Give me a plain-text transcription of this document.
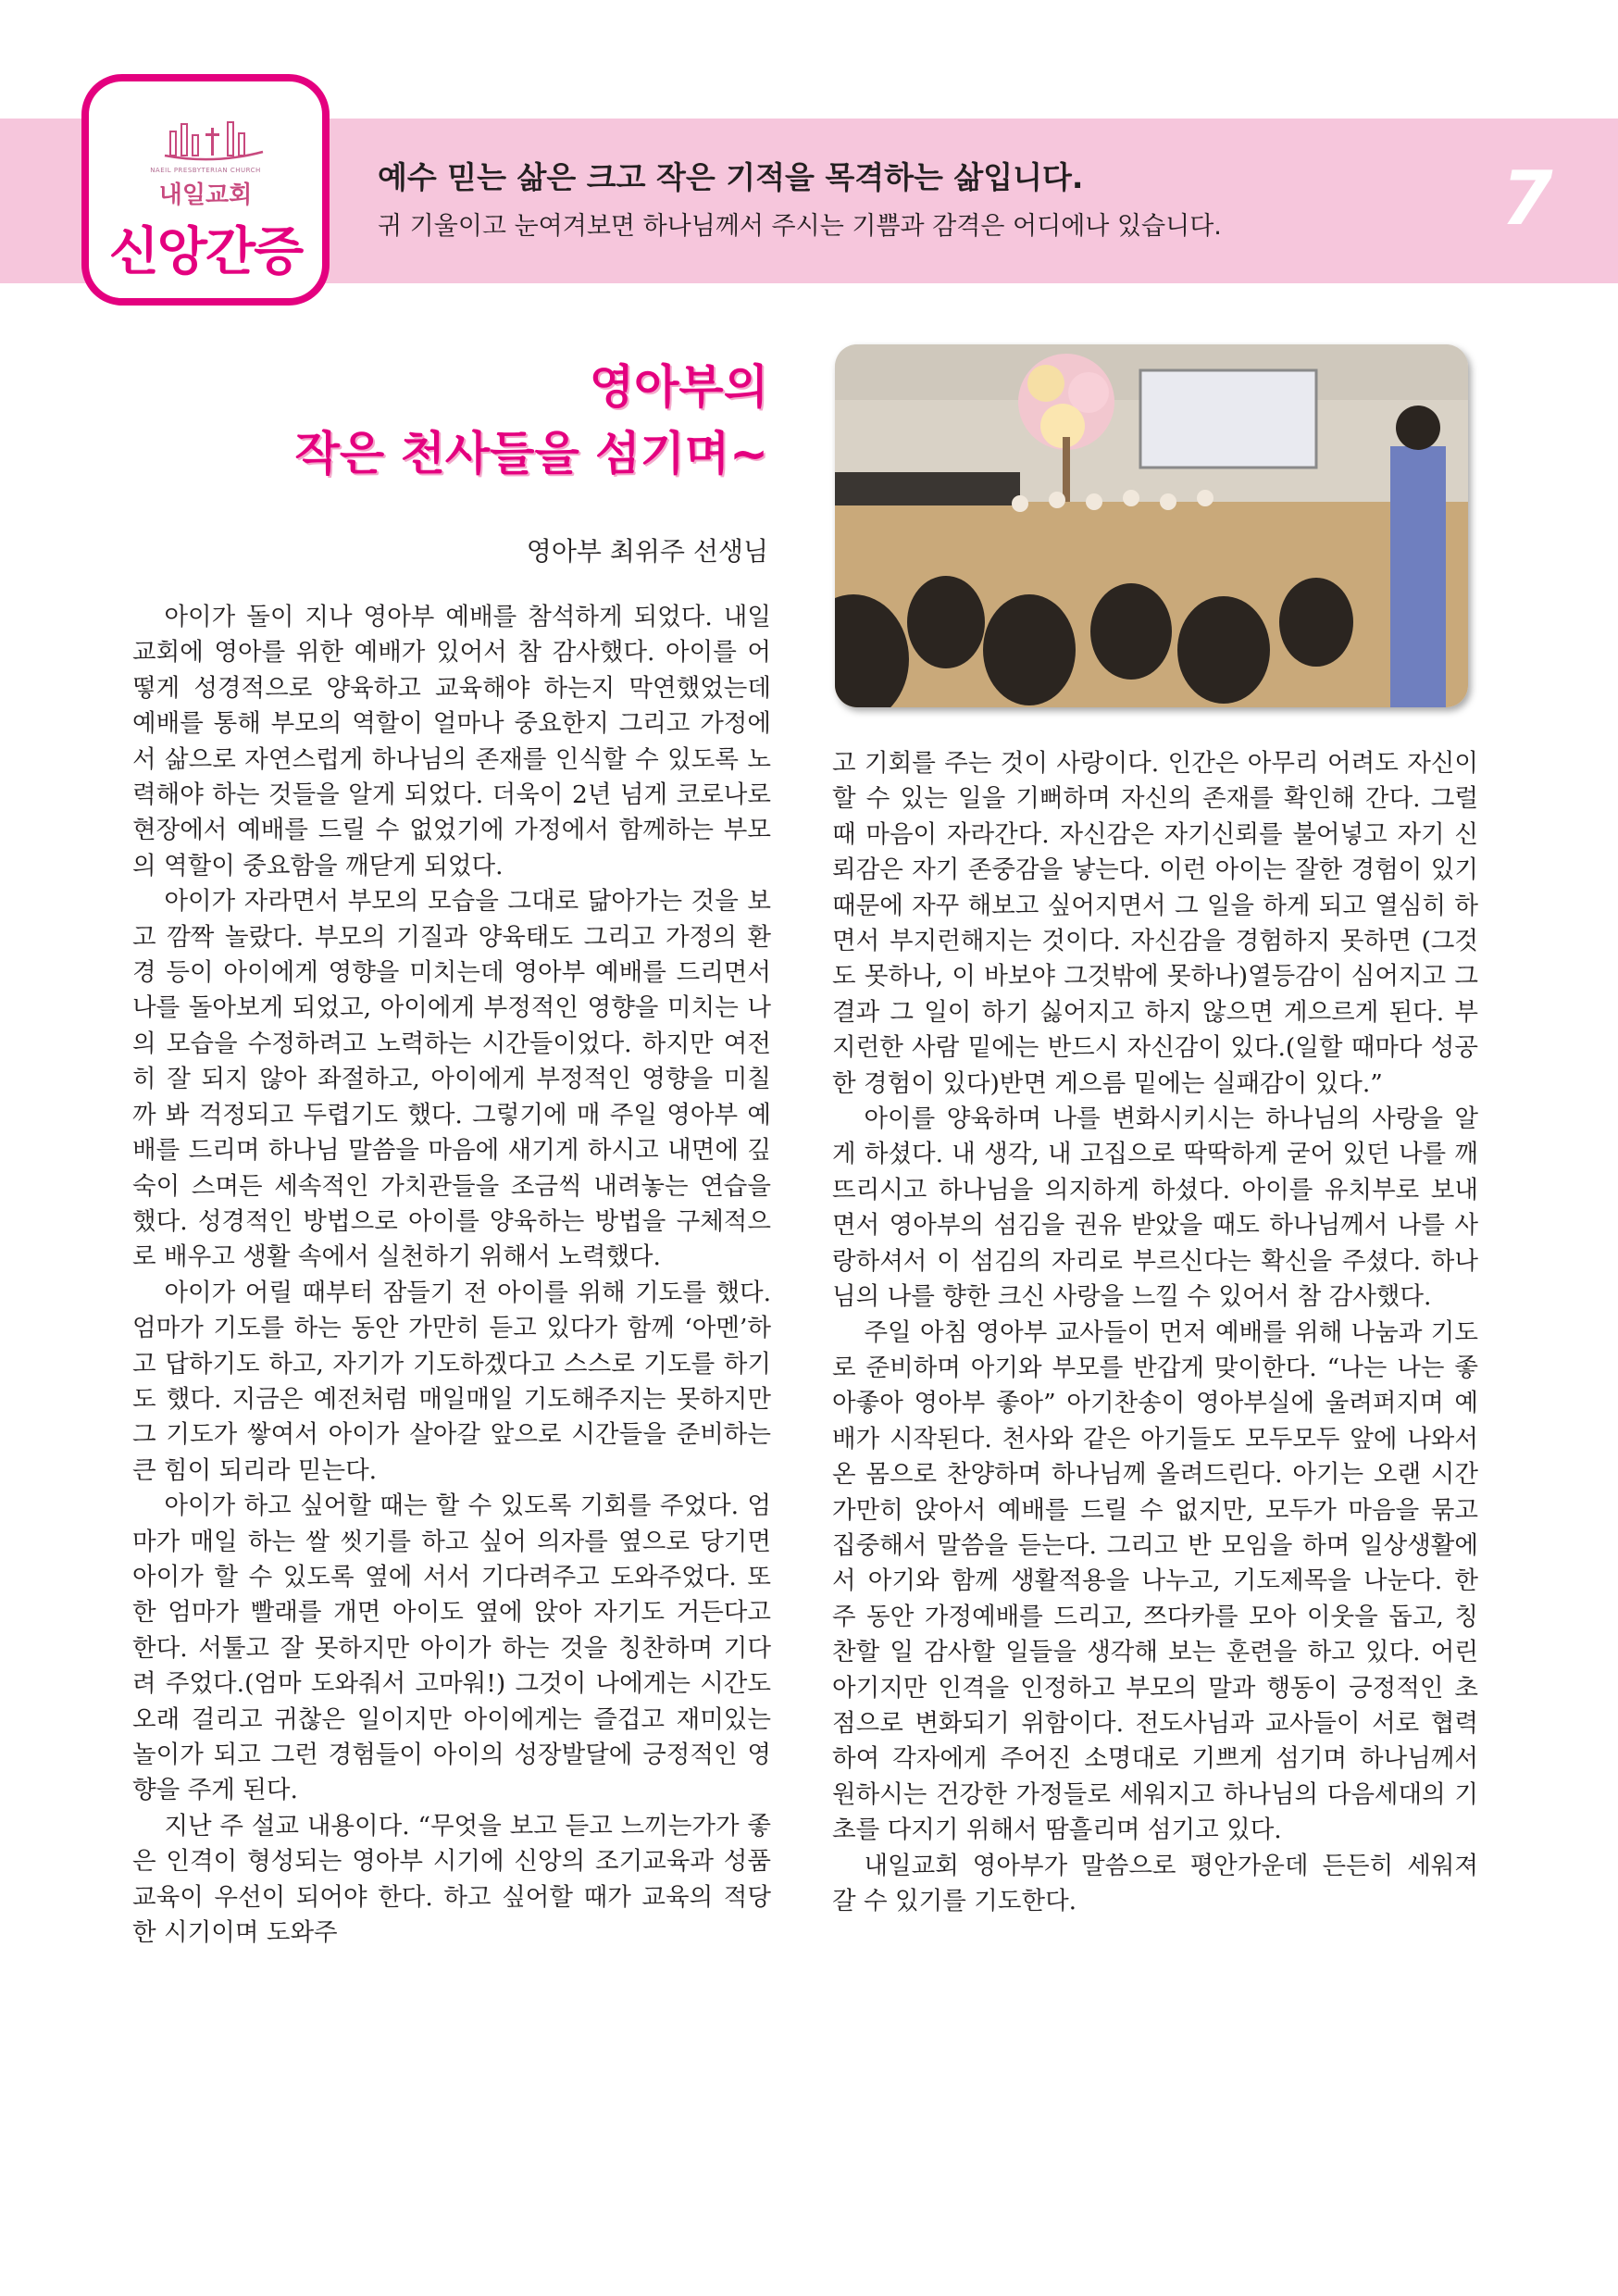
NAEIL PRESBYTERIAN CHURCH
내일교회
신앙간증
예수 믿는 삶은 크고 작은 기적을 목격하는 삶입니다.
귀 기울이고 눈여겨보면 하나님께서 주시는 기쁨과 감격은 어디에나 있습니다.	7
영아부의
작은 천사들을 섬기며~
영아부 최위주 선생님

아이가 돌이 지나 영아부 예배를 참석하게 되었다. 내일교회에 영아를 위한 예배가 있어서 참 감사했다. 아이를 어떻게 성경적으로 양육하고 교육해야 하는지 막연했었는데 예배를 통해 부모의 역할이 얼마나 중요한지 그리고 가정에서 삶으로 자연스럽게 하나님의 존재를 인식할 수 있도록 노력해야 하는 것들을 알게 되었다. 더욱이 2년 넘게 코로나로 현장에서 예배를 드릴 수 없었기에 가정에서 함께하는 부모의 역할이 중요함을 깨닫게 되었다.

아이가 자라면서 부모의 모습을 그대로 닮아가는 것을 보고 깜짝 놀랐다. 부모의 기질과 양육태도 그리고 가정의 환경 등이 아이에게 영향을 미치는데 영아부 예배를 드리면서 나를 돌아보게 되었고, 아이에게 부정적인 영향을 미치는 나의 모습을 수정하려고 노력하는 시간들이었다. 하지만 여전히 잘 되지 않아 좌절하고, 아이에게 부정적인 영향을 미칠까 봐 걱정되고 두렵기도 했다. 그렇기에 매 주일 영아부 예배를 드리며 하나님 말씀을 마음에 새기게 하시고 내면에 깊숙이 스며든 세속적인 가치관들을 조금씩 내려놓는 연습을 했다. 성경적인 방법으로 아이를 양육하는 방법을 구체적으로 배우고 생활 속에서 실천하기 위해서 노력했다.

아이가 어릴 때부터 잠들기 전 아이를 위해 기도를 했다. 엄마가 기도를 하는 동안 가만히 듣고 있다가 함께 ‘아멘’하고 답하기도 하고, 자기가 기도하겠다고 스스로 기도를 하기도 했다. 지금은 예전처럼 매일매일 기도해주지는 못하지만 그 기도가 쌓여서 아이가 살아갈 앞으로 시간들을 준비하는 큰 힘이 되리라 믿는다.

아이가 하고 싶어할 때는 할 수 있도록 기회를 주었다. 엄마가 매일 하는 쌀 씻기를 하고 싶어 의자를 옆으로 당기면 아이가 할 수 있도록 옆에 서서 기다려주고 도와주었다. 또한 엄마가 빨래를 개면 아이도 옆에 앉아 자기도 거든다고 한다. 서툴고 잘 못하지만 아이가 하는 것을 칭찬하며 기다려 주었다.(엄마 도와줘서 고마워!) 그것이 나에게는 시간도 오래 걸리고 귀찮은 일이지만 아이에게는 즐겁고 재미있는 놀이가 되고 그런 경험들이 아이의 성장발달에 긍정적인 영향을 주게 된다.

지난 주 설교 내용이다. “무엇을 보고 듣고 느끼는가가 좋은 인격이 형성되는 영아부 시기에 신앙의 조기교육과 성품교육이 우선이 되어야 한다. 하고 싶어할 때가 교육의 적당한 시기이며 도와주

고 기회를 주는 것이 사랑이다. 인간은 아무리 어려도 자신이 할 수 있는 일을 기뻐하며 자신의 존재를 확인해 간다. 그럴 때 마음이 자라간다. 자신감은 자기신뢰를 불어넣고 자기 신뢰감은 자기 존중감을 낳는다. 이런 아이는 잘한 경험이 있기 때문에 자꾸 해보고 싶어지면서 그 일을 하게 되고 열심히 하면서 부지런해지는 것이다. 자신감을 경험하지 못하면 (그것도 못하나, 이 바보야 그것밖에 못하나)열등감이 심어지고 그 결과 그 일이 하기 싫어지고 하지 않으면 게으르게 된다. 부지런한 사람 밑에는 반드시 자신감이 있다.(일할 때마다 성공한 경험이 있다)반면 게으름 밑에는 실패감이 있다.”

아이를 양육하며 나를 변화시키시는 하나님의 사랑을 알게 하셨다. 내 생각, 내 고집으로 딱딱하게 굳어 있던 나를 깨뜨리시고 하나님을 의지하게 하셨다. 아이를 유치부로 보내면서 영아부의 섬김을 권유 받았을 때도 하나님께서 나를 사랑하셔서 이 섬김의 자리로 부르신다는 확신을 주셨다. 하나님의 나를 향한 크신 사랑을 느낄 수 있어서 참 감사했다.

주일 아침 영아부 교사들이 먼저 예배를 위해 나눔과 기도로 준비하며 아기와 부모를 반갑게 맞이한다. “나는 나는 좋아좋아 영아부 좋아” 아기찬송이 영아부실에 울려퍼지며 예배가 시작된다. 천사와 같은 아기들도 모두모두 앞에 나와서 온 몸으로 찬양하며 하나님께 올려드린다. 아기는 오랜 시간 가만히 앉아서 예배를 드릴 수 없지만, 모두가 마음을 묶고 집중해서 말씀을 듣는다. 그리고 반 모임을 하며 일상생활에서 아기와 함께 생활적용을 나누고, 기도제목을 나눈다. 한 주 동안 가정예배를 드리고, 쯔다카를 모아 이웃을 돕고, 칭찬할 일 감사할 일들을 생각해 보는 훈련을 하고 있다. 어린 아기지만 인격을 인정하고 부모의 말과 행동이 긍정적인 초점으로 변화되기 위함이다. 전도사님과 교사들이 서로 협력하여 각자에게 주어진 소명대로 기쁘게 섬기며 하나님께서 원하시는 건강한 가정들로 세워지고 하나님의 다음세대의 기초를 다지기 위해서 땀흘리며 섬기고 있다.

내일교회 영아부가 말씀으로 평안가운데 든든히 세워져 갈 수 있기를 기도한다.
